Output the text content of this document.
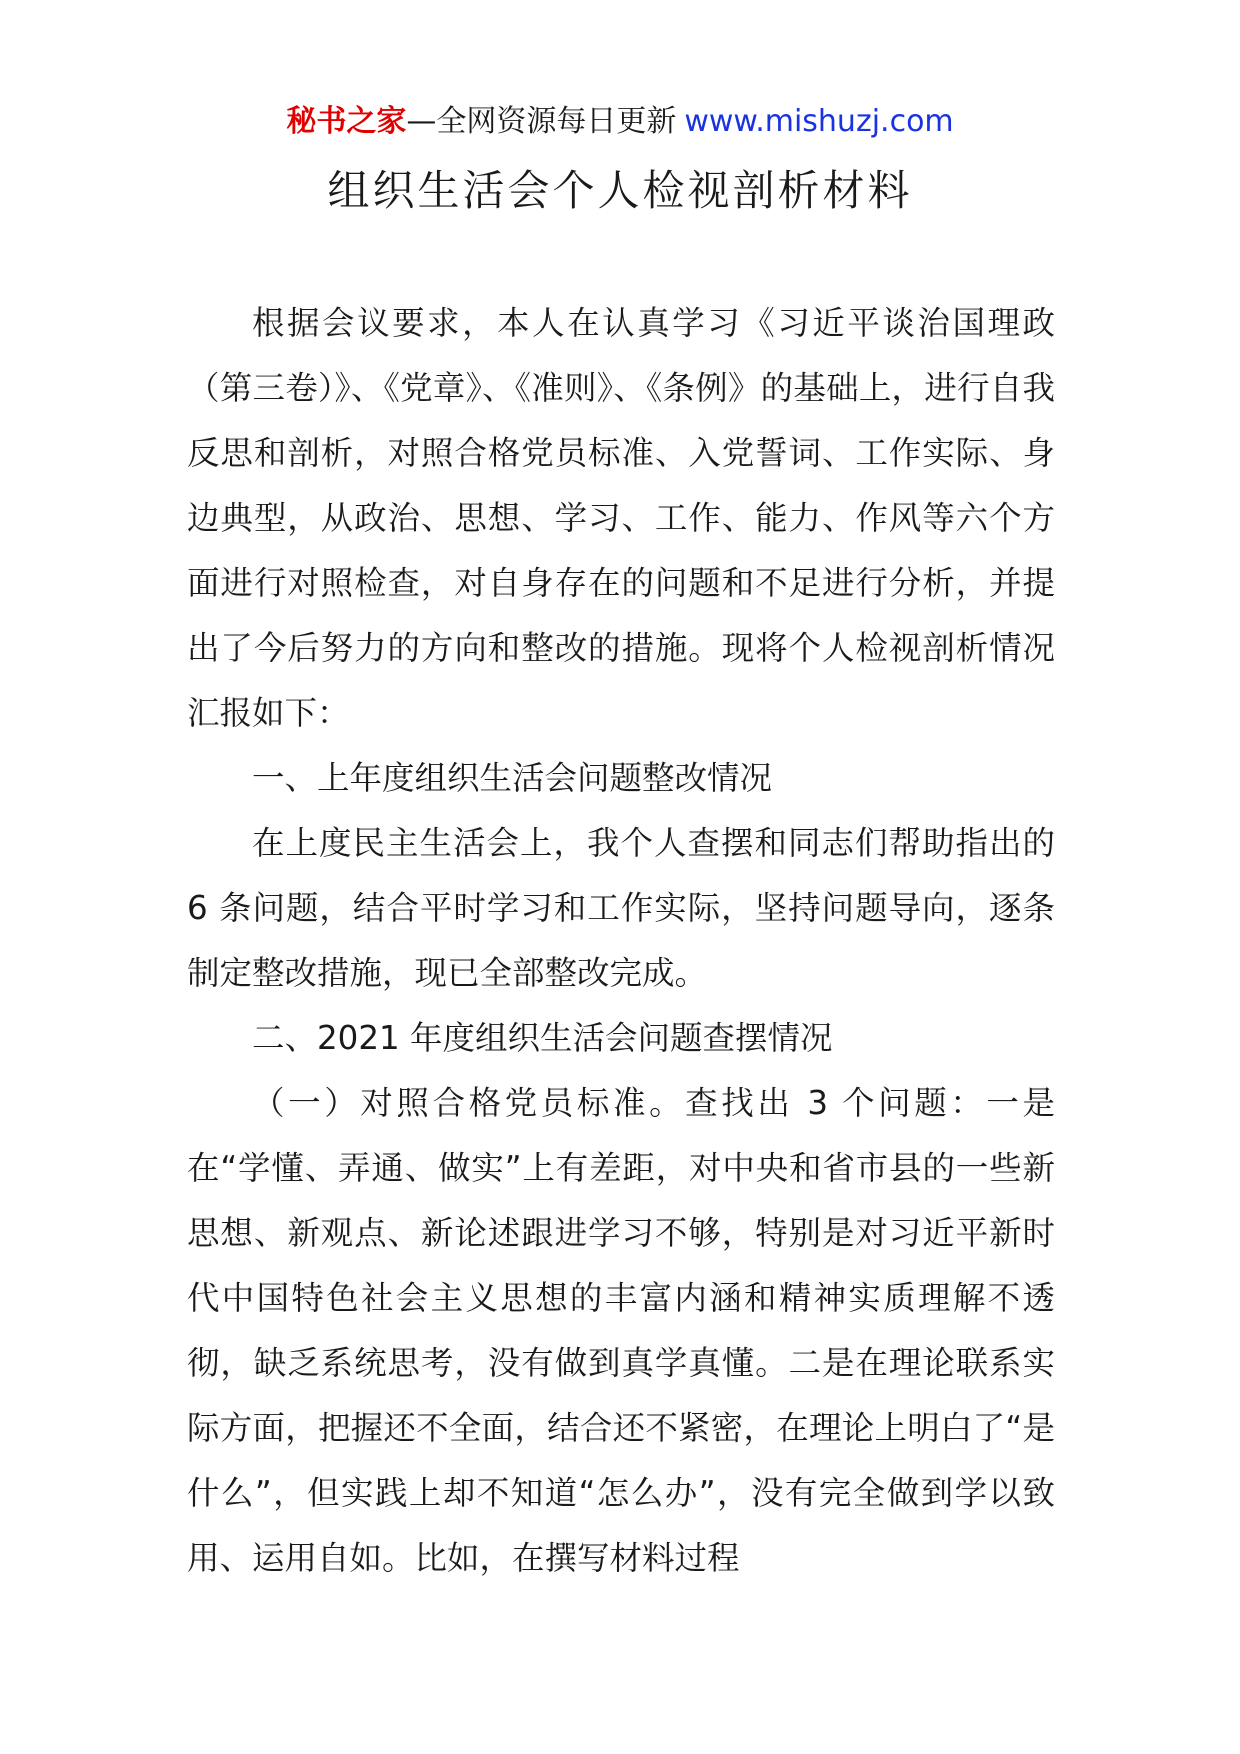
秘书之家—全网资源每日更新 www.mishuzj.com
组织生活会个人检视剖析材料

根据会议要求，本人在认真学习《习近平谈治国理政（第三卷）》、《党章》、《准则》、《条例》的基础上，进行自我反思和剖析，对照合格党员标准、入党誓词、工作实际、身边典型，从政治、思想、学习、工作、能力、作风等六个方面进行对照检查，对自身存在的问题和不足进行分析，并提出了今后努力的方向和整改的措施。现将个人检视剖析情况汇报如下：

一、上年度组织生活会问题整改情况

在上度民主生活会上，我个人查摆和同志们帮助指出的 6 条问题，结合平时学习和工作实际，坚持问题导向，逐条制定整改措施，现已全部整改完成。

二、2021 年度组织生活会问题查摆情况

（一）对照合格党员标准。查找出 3 个问题：一是在“学懂、弄通、做实”上有差距，对中央和省市县的一些新思想、新观点、新论述跟进学习不够，特别是对习近平新时代中国特色社会主义思想的丰富内涵和精神实质理解不透彻，缺乏系统思考，没有做到真学真懂。二是在理论联系实际方面，把握还不全面，结合还不紧密，在理论上明白了“是什么”，但实践上却不知道“怎么办”，没有完全做到学以致用、运用自如。比如，在撰写材料过程
